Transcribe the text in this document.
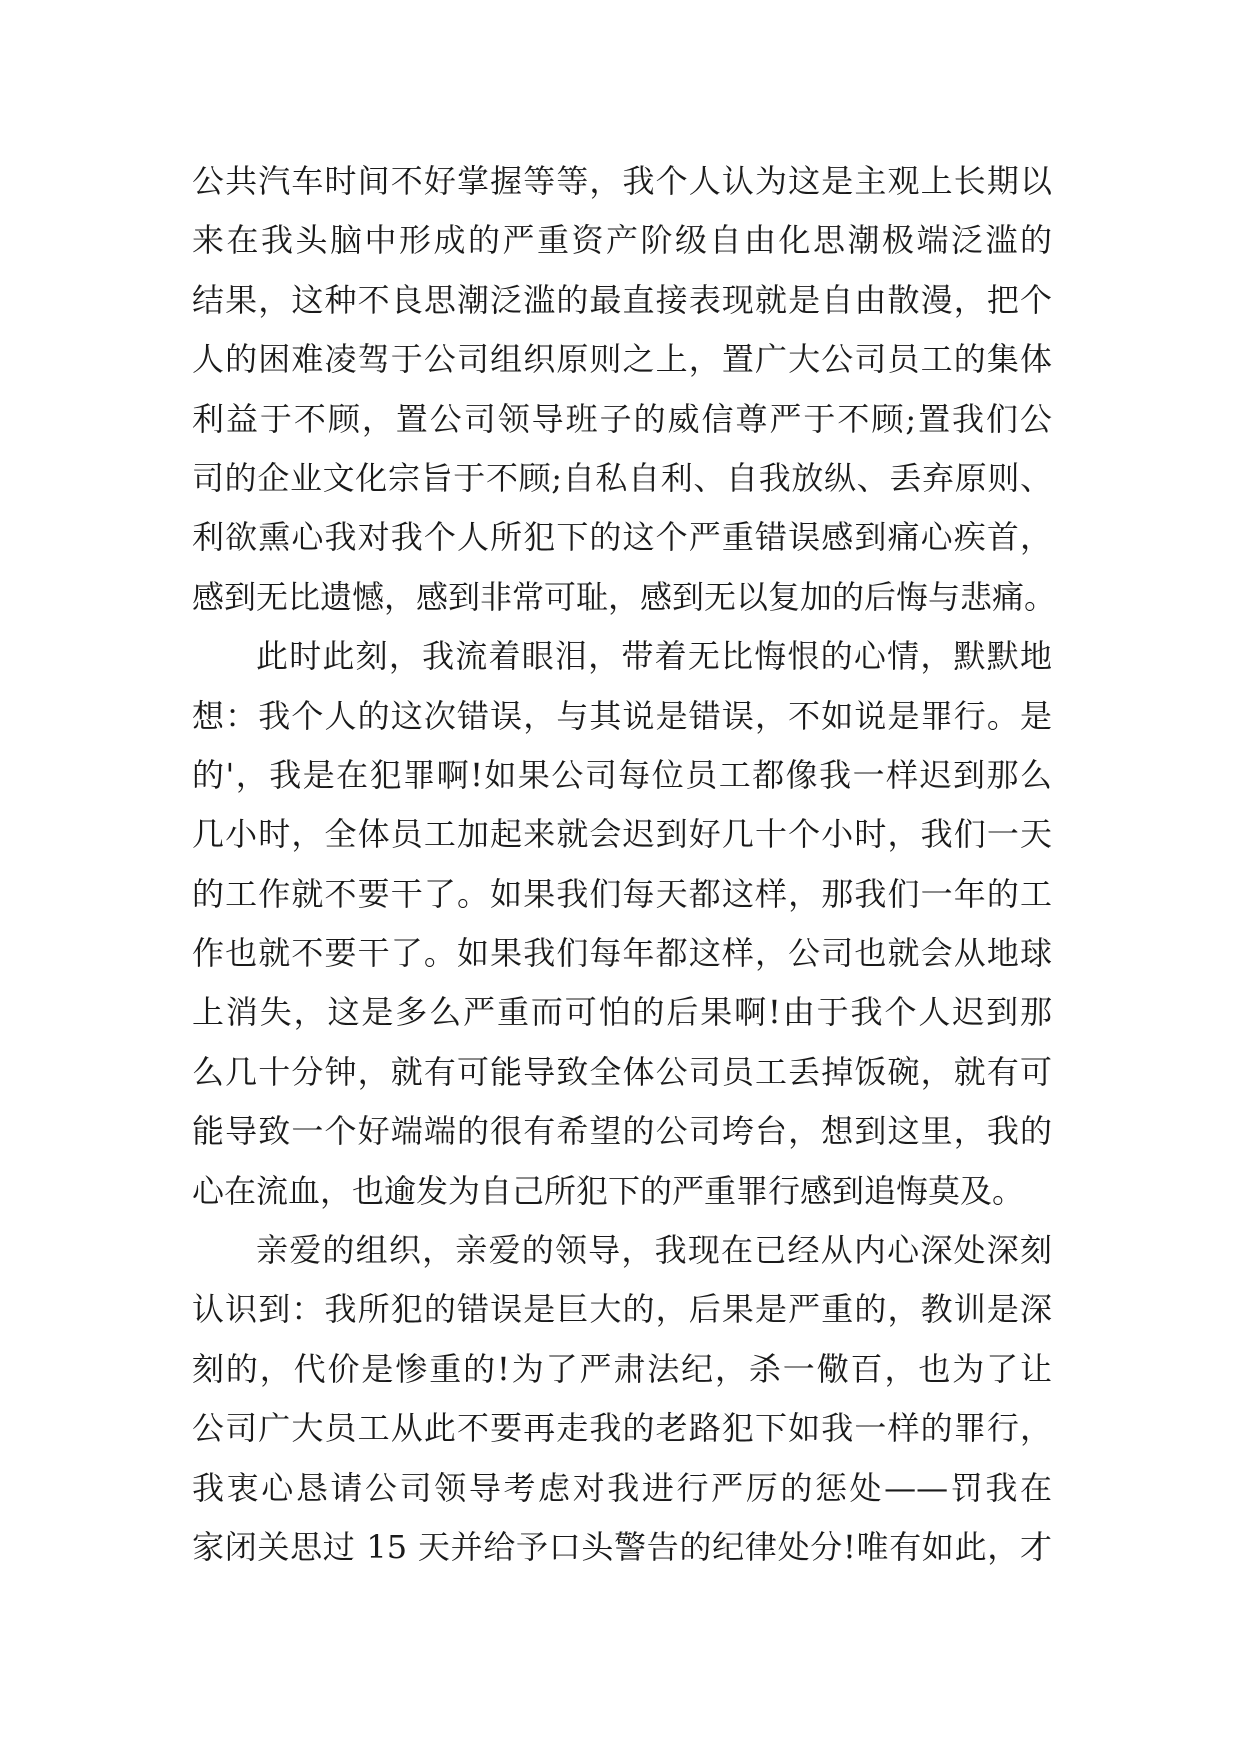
公共汽车时间不好掌握等等，我个人认为这是主观上长期以
来在我头脑中形成的严重资产阶级自由化思潮极端泛滥的
结果，这种不良思潮泛滥的最直接表现就是自由散漫，把个
人的困难凌驾于公司组织原则之上，置广大公司员工的集体
利益于不顾，置公司领导班子的威信尊严于不顾;置我们公
司的企业文化宗旨于不顾;自私自利、自我放纵、丢弃原则、
利欲熏心我对我个人所犯下的这个严重错误感到痛心疾首，
感到无比遗憾，感到非常可耻，感到无以复加的后悔与悲痛。
此时此刻，我流着眼泪，带着无比悔恨的心情，默默地
想：我个人的这次错误，与其说是错误，不如说是罪行。是
的'，我是在犯罪啊!如果公司每位员工都像我一样迟到那么
几小时，全体员工加起来就会迟到好几十个小时，我们一天
的工作就不要干了。如果我们每天都这样，那我们一年的工
作也就不要干了。如果我们每年都这样，公司也就会从地球
上消失，这是多么严重而可怕的后果啊!由于我个人迟到那
么几十分钟，就有可能导致全体公司员工丢掉饭碗，就有可
能导致一个好端端的很有希望的公司垮台，想到这里，我的
心在流血，也逾发为自己所犯下的严重罪行感到追悔莫及。
亲爱的组织，亲爱的领导，我现在已经从内心深处深刻
认识到：我所犯的错误是巨大的，后果是严重的，教训是深
刻的，代价是惨重的!为了严肃法纪，杀一儆百，也为了让
公司广大员工从此不要再走我的老路犯下如我一样的罪行，
我衷心恳请公司领导考虑对我进行严厉的惩处——罚我在
家闭关思过 15 天并给予口头警告的纪律处分!唯有如此，才
